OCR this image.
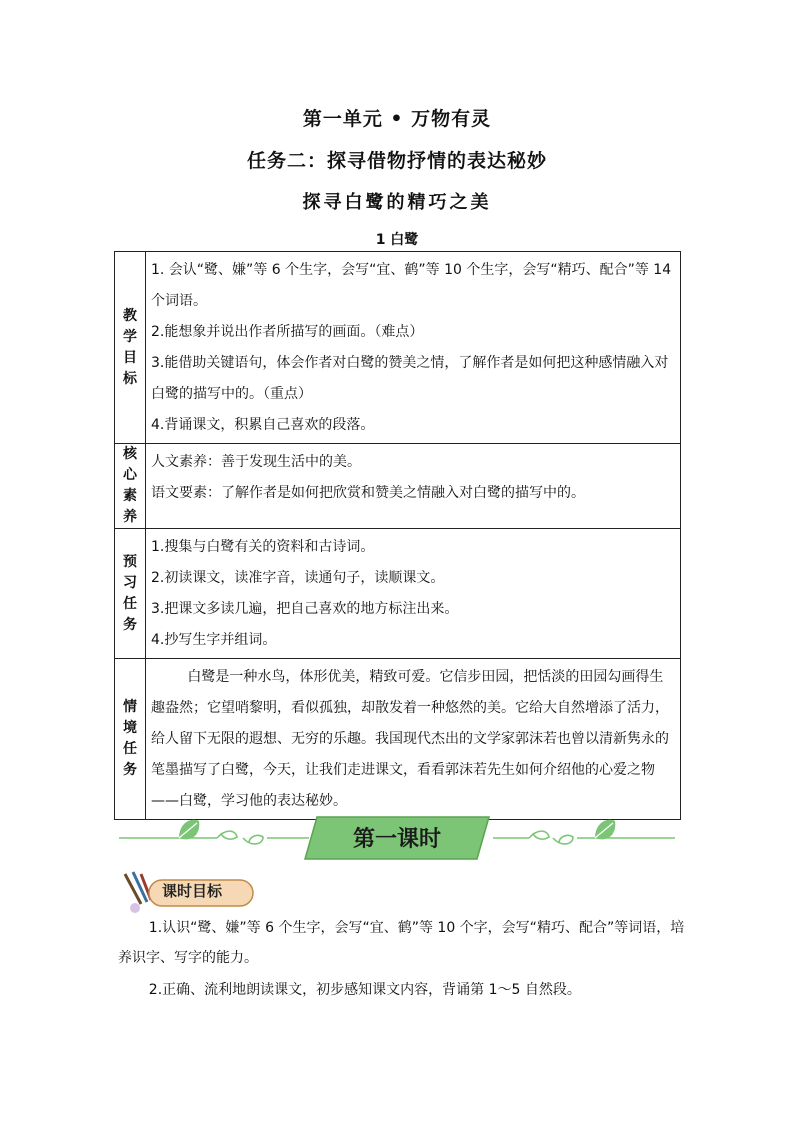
第一单元 • 万物有灵
任务二：探寻借物抒情的表达秘妙
探寻白鹭的精巧之美
1 白鹭
教学目标	1. 会认“鹭、嫌”等 6 个生字，会写“宜、鹤”等 10 个生字，会写“精巧、配合”等 14 个词语。

2.能想象并说出作者所描写的画面。（难点）

3.能借助关键语句，体会作者对白鹭的赞美之情，了解作者是如何把这种感情融入对白鹭的描写中的。（重点）

4.背诵课文，积累自己喜欢的段落。

核心素养	人文素养：善于发现生活中的美。

语文要素：了解作者是如何把欣赏和赞美之情融入对白鹭的描写中的。

预习任务	1.搜集与白鹭有关的资料和古诗词。

2.初读课文，读准字音，读通句子，读顺课文。

3.把课文多读几遍，把自己喜欢的地方标注出来。

4.抄写生字并组词。

情境任务	白鹭是一种水鸟，体形优美，精致可爱。它信步田园，把恬淡的田园勾画得生趣盎然；它望哨黎明，看似孤独，却散发着一种悠然的美。它给大自然增添了活力，给人留下无限的遐想、无穷的乐趣。我国现代杰出的文学家郭沫若也曾以清新隽永的笔墨描写了白鹭，今天，让我们走进课文，看看郭沫若先生如何介绍他的心爱之物——白鹭，学习他的表达秘妙。

第一课时
课时目标
1.认识“鹭、嫌”等 6 个生字，会写“宜、鹤”等 10 个字，会写“精巧、配合”等词语，培养识字、写字的能力。
2.正确、流利地朗读课文，初步感知课文内容，背诵第 1～5 自然段。
